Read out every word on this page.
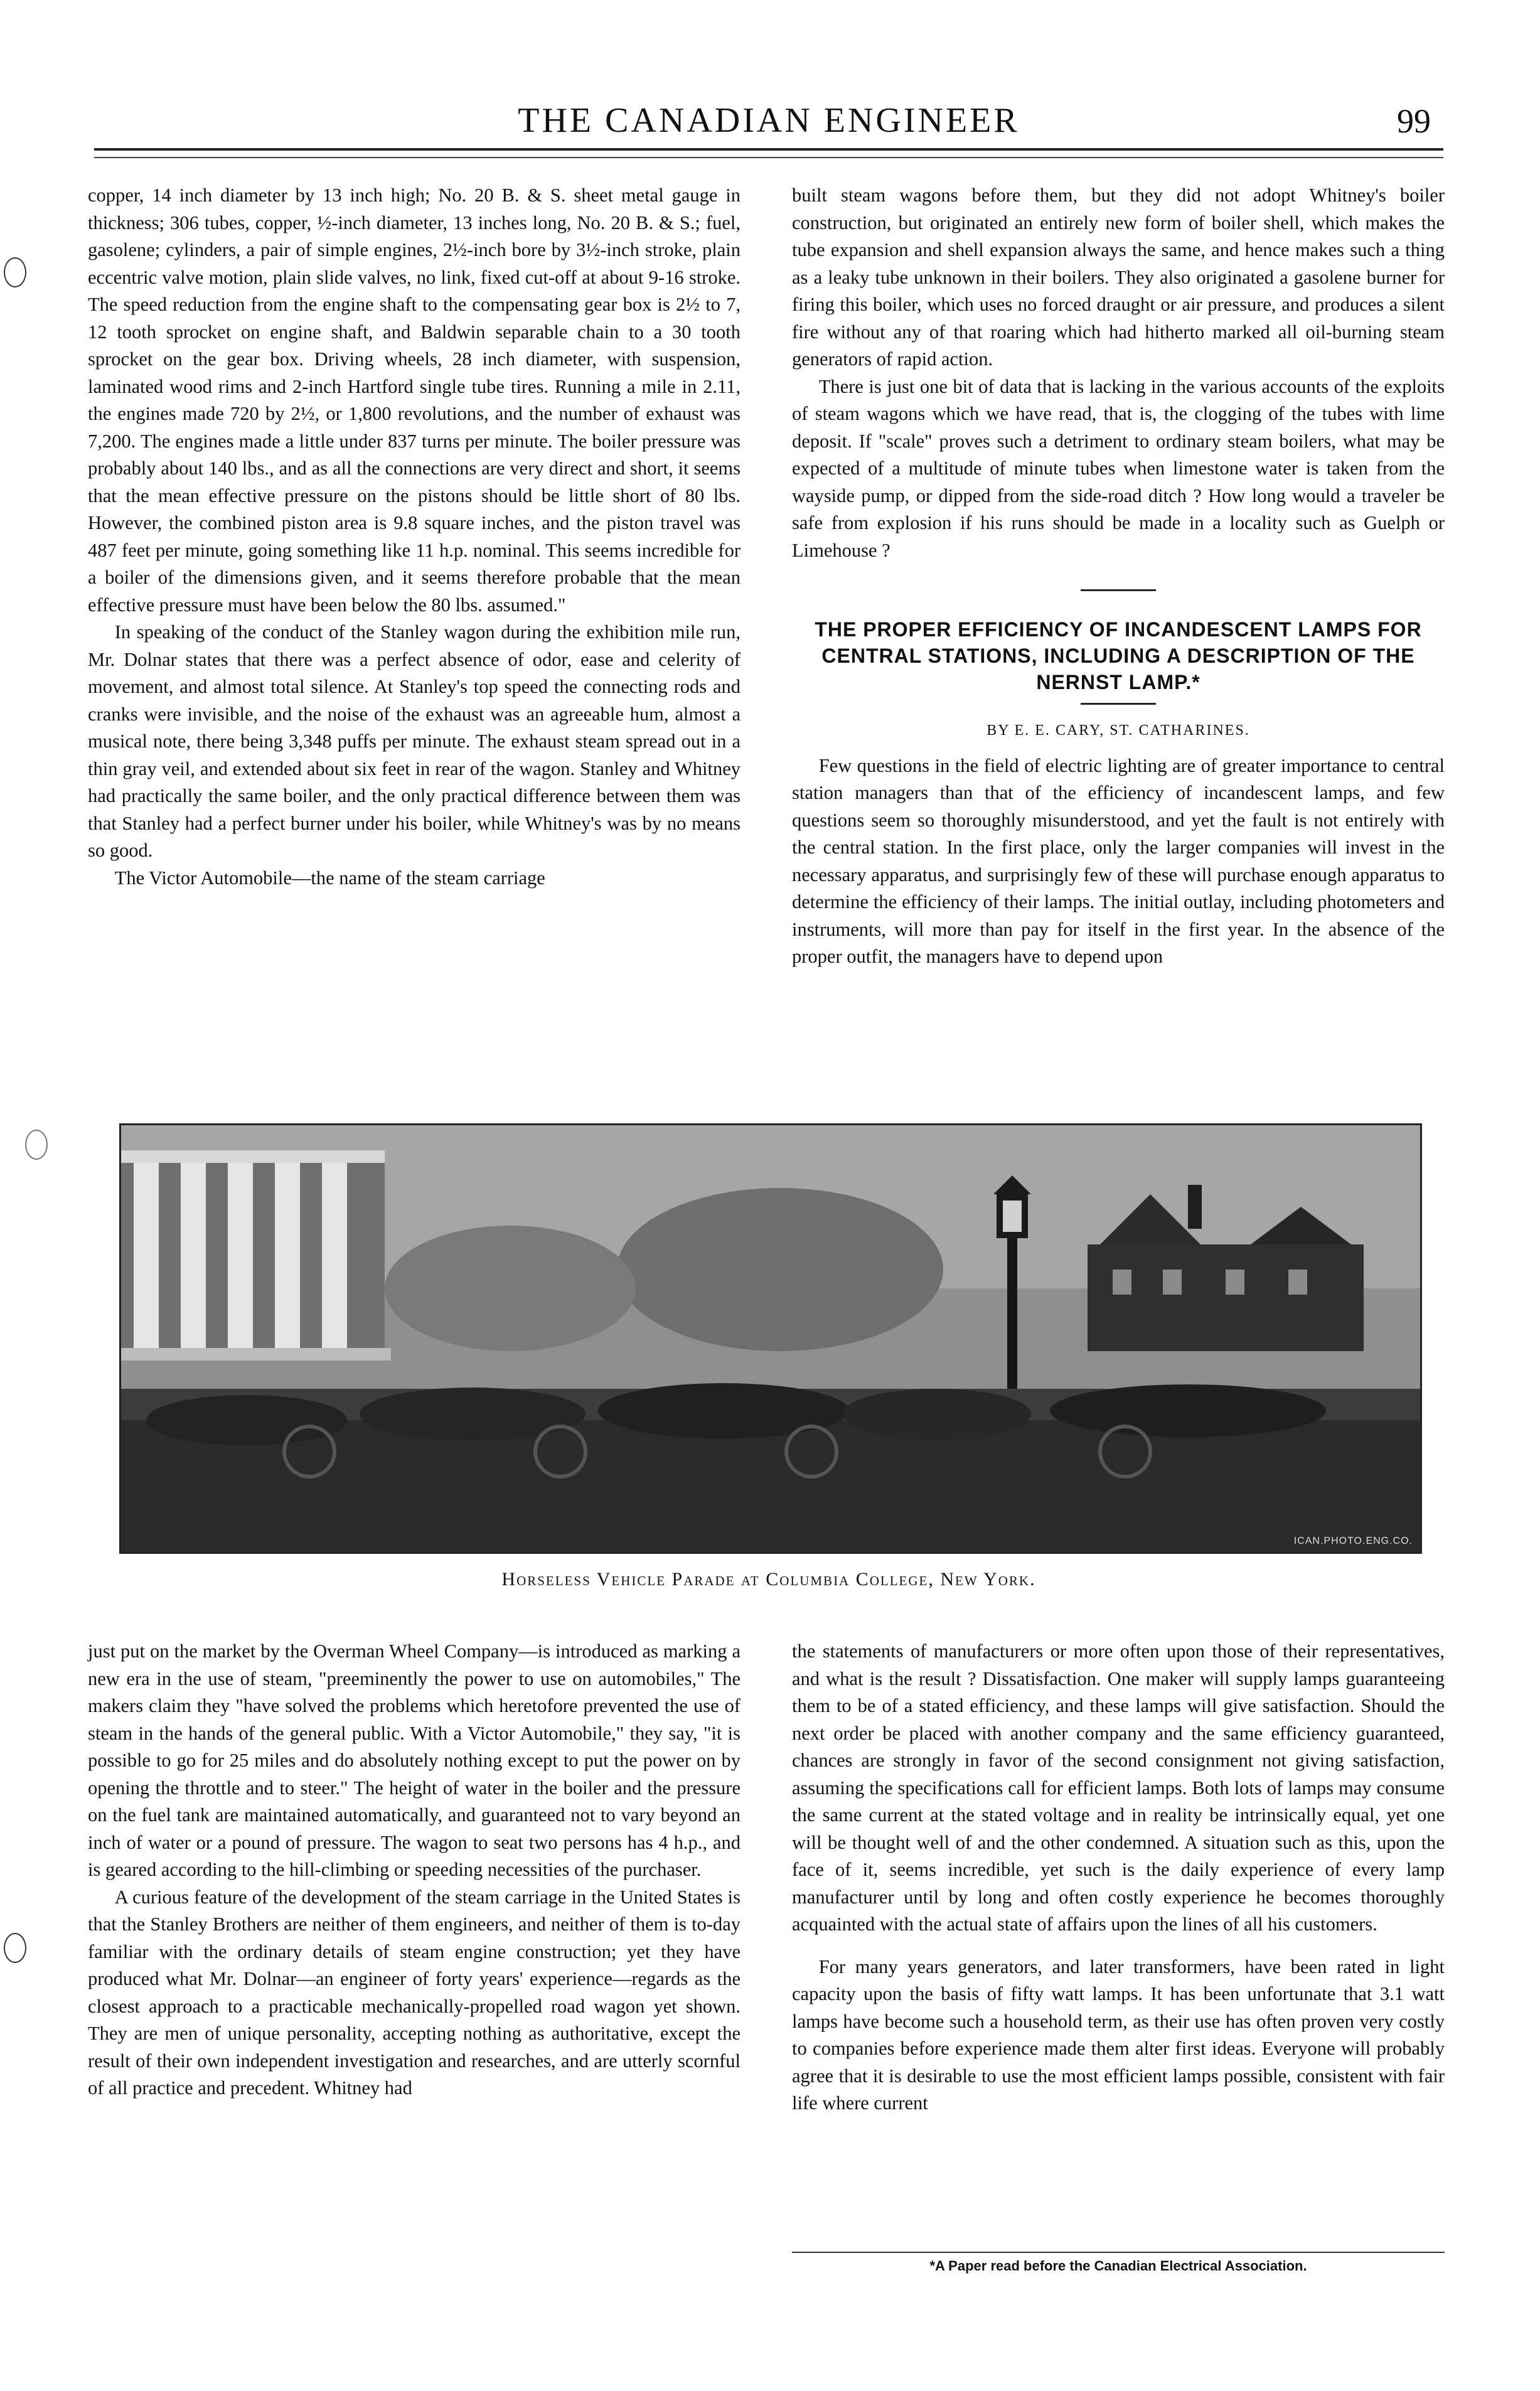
THE CANADIAN ENGINEER	99

copper, 14 inch diameter by 13 inch high; No. 20 B. & S. sheet metal gauge in thickness; 306 tubes, copper, ½-inch diameter, 13 inches long, No. 20 B. & S.; fuel, gasolene; cylinders, a pair of simple engines, 2½-inch bore by 3½-inch stroke, plain eccentric valve motion, plain slide valves, no link, fixed cut-off at about 9-16 stroke. The speed reduction from the engine shaft to the compensating gear box is 2½ to 7, 12 tooth sprocket on engine shaft, and Baldwin separable chain to a 30 tooth sprocket on the gear box. Driving wheels, 28 inch diameter, with suspension, laminated wood rims and 2-inch Hartford single tube tires. Running a mile in 2.11, the engines made 720 by 2½, or 1,800 revolutions, and the number of exhaust was 7,200. The engines made a little under 837 turns per minute. The boiler pressure was probably about 140 lbs., and as all the connections are very direct and short, it seems that the mean effective pressure on the pistons should be little short of 80 lbs. However, the combined piston area is 9.8 square inches, and the piston travel was 487 feet per minute, going something like 11 h.p. nominal. This seems incredible for a boiler of the dimensions given, and it seems therefore probable that the mean effective pressure must have been below the 80 lbs. assumed."

In speaking of the conduct of the Stanley wagon during the exhibition mile run, Mr. Dolnar states that there was a perfect absence of odor, ease and celerity of movement, and almost total silence. At Stanley's top speed the connecting rods and cranks were invisible, and the noise of the exhaust was an agreeable hum, almost a musical note, there being 3,348 puffs per minute. The exhaust steam spread out in a thin gray veil, and extended about six feet in rear of the wagon. Stanley and Whitney had practically the same boiler, and the only practical difference between them was that Stanley had a perfect burner under his boiler, while Whitney's was by no means so good.

The Victor Automobile—the name of the steam carriage

built steam wagons before them, but they did not adopt Whitney's boiler construction, but originated an entirely new form of boiler shell, which makes the tube expansion and shell expansion always the same, and hence makes such a thing as a leaky tube unknown in their boilers. They also originated a gasolene burner for firing this boiler, which uses no forced draught or air pressure, and produces a silent fire without any of that roaring which had hitherto marked all oil-burning steam generators of rapid action.

There is just one bit of data that is lacking in the various accounts of the exploits of steam wagons which we have read, that is, the clogging of the tubes with lime deposit. If "scale" proves such a detriment to ordinary steam boilers, what may be expected of a multitude of minute tubes when limestone water is taken from the wayside pump, or dipped from the side-road ditch ? How long would a traveler be safe from explosion if his runs should be made in a locality such as Guelph or Limehouse ?

THE PROPER EFFICIENCY OF INCANDESCENT LAMPS FOR CENTRAL STATIONS, INCLUDING A DESCRIPTION OF THE NERNST LAMP.*
BY E. E. CARY, ST. CATHARINES.

Few questions in the field of electric lighting are of greater importance to central station managers than that of the efficiency of incandescent lamps, and few questions seem so thoroughly misunderstood, and yet the fault is not entirely with the central station. In the first place, only the larger companies will invest in the necessary apparatus, and surprisingly few of these will purchase enough apparatus to determine the efficiency of their lamps. The initial outlay, including photometers and instruments, will more than pay for itself in the first year. In the absence of the proper outfit, the managers have to depend upon

ICAN.PHOTO.ENG.CO.
Horseless Vehicle Parade at Columbia College, New York.

just put on the market by the Overman Wheel Company—is introduced as marking a new era in the use of steam, "preeminently the power to use on automobiles," The makers claim they "have solved the problems which heretofore prevented the use of steam in the hands of the general public. With a Victor Automobile," they say, "it is possible to go for 25 miles and do absolutely nothing except to put the power on by opening the throttle and to steer." The height of water in the boiler and the pressure on the fuel tank are maintained automatically, and guaranteed not to vary beyond an inch of water or a pound of pressure. The wagon to seat two persons has 4 h.p., and is geared according to the hill-climbing or speeding necessities of the purchaser.

A curious feature of the development of the steam carriage in the United States is that the Stanley Brothers are neither of them engineers, and neither of them is to-day familiar with the ordinary details of steam engine construction; yet they have produced what Mr. Dolnar—an engineer of forty years' experience—regards as the closest approach to a practicable mechanically-propelled road wagon yet shown. They are men of unique personality, accepting nothing as authoritative, except the result of their own independent investigation and researches, and are utterly scornful of all practice and precedent. Whitney had

the statements of manufacturers or more often upon those of their representatives, and what is the result ? Dissatisfaction. One maker will supply lamps guaranteeing them to be of a stated efficiency, and these lamps will give satisfaction. Should the next order be placed with another company and the same efficiency guaranteed, chances are strongly in favor of the second consignment not giving satisfaction, assuming the specifications call for efficient lamps. Both lots of lamps may consume the same current at the stated voltage and in reality be intrinsically equal, yet one will be thought well of and the other condemned. A situation such as this, upon the face of it, seems incredible, yet such is the daily experience of every lamp manufacturer until by long and often costly experience he becomes thoroughly acquainted with the actual state of affairs upon the lines of all his customers.

For many years generators, and later transformers, have been rated in light capacity upon the basis of fifty watt lamps. It has been unfortunate that 3.1 watt lamps have become such a household term, as their use has often proven very costly to companies before experience made them alter first ideas. Everyone will probably agree that it is desirable to use the most efficient lamps possible, consistent with fair life where current

*A Paper read before the Canadian Electrical Association.
